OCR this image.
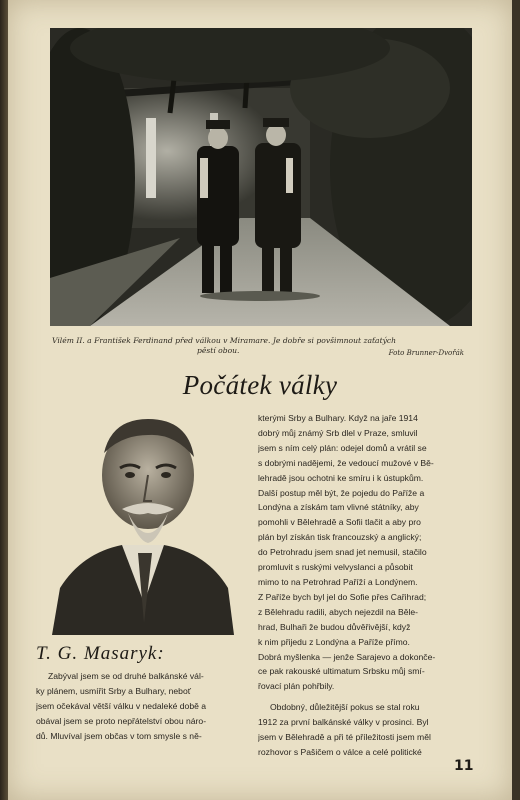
Vilém II. a František Ferdinand před válkou v Miramare. Je dobře si povšimnout zaťatých
pěstí obou.	Foto Brunner-Dvořák
Počátek války
T. G. Masaryk:
Zabýval jsem se od druhé balkánské vál-
ky plánem, usmířit Srby a Bulhary, neboť
jsem očekával větší válku v nedaleké době a
obával jsem se proto nepřátelství obou náro-
dů. Mluvíval jsem občas v tom smysle s ně-
kterými Srby a Bulhary. Když na jaře 1914
dobrý můj známý Srb dlel v Praze, smluvil
jsem s ním celý plán: odejel domů a vrátil se
s dobrými nadějemi, že vedoucí mužové v Bě-
lehradě jsou ochotni ke smíru i k ústupkům.
Další postup měl být, že pojedu do Paříže a
Londýna a získám tam vlivné státníky, aby
pomohli v Bělehradě a Sofii tlačit a aby pro
plán byl získán tisk francouzský a anglický;
do Petrohradu jsem snad jet nemusil, stačilo
promluvit s ruskými velvyslanci a působit
mimo to na Petrohrad Paříží a Londýnem.
Z Paříže bych byl jel do Sofie přes Cařihrad;
z Bělehradu radili, abych nejezdil na Běle-
hrad, Bulhaři že budou důvěřivější, když
k nim přijedu z Londýna a Paříže přímo.
Dobrá myšlenka — jenže Sarajevo a dokonče-
ce pak rakouské ultimatum Srbsku můj smí-
řovací plán pohřbily.
Obdobný, důležitější pokus se stal roku
1912 za první balkánské války v prosinci. Byl
jsem v Bělehradě a při té příležitosti jsem měl
rozhovor s Pašičem o válce a celé politické
11
